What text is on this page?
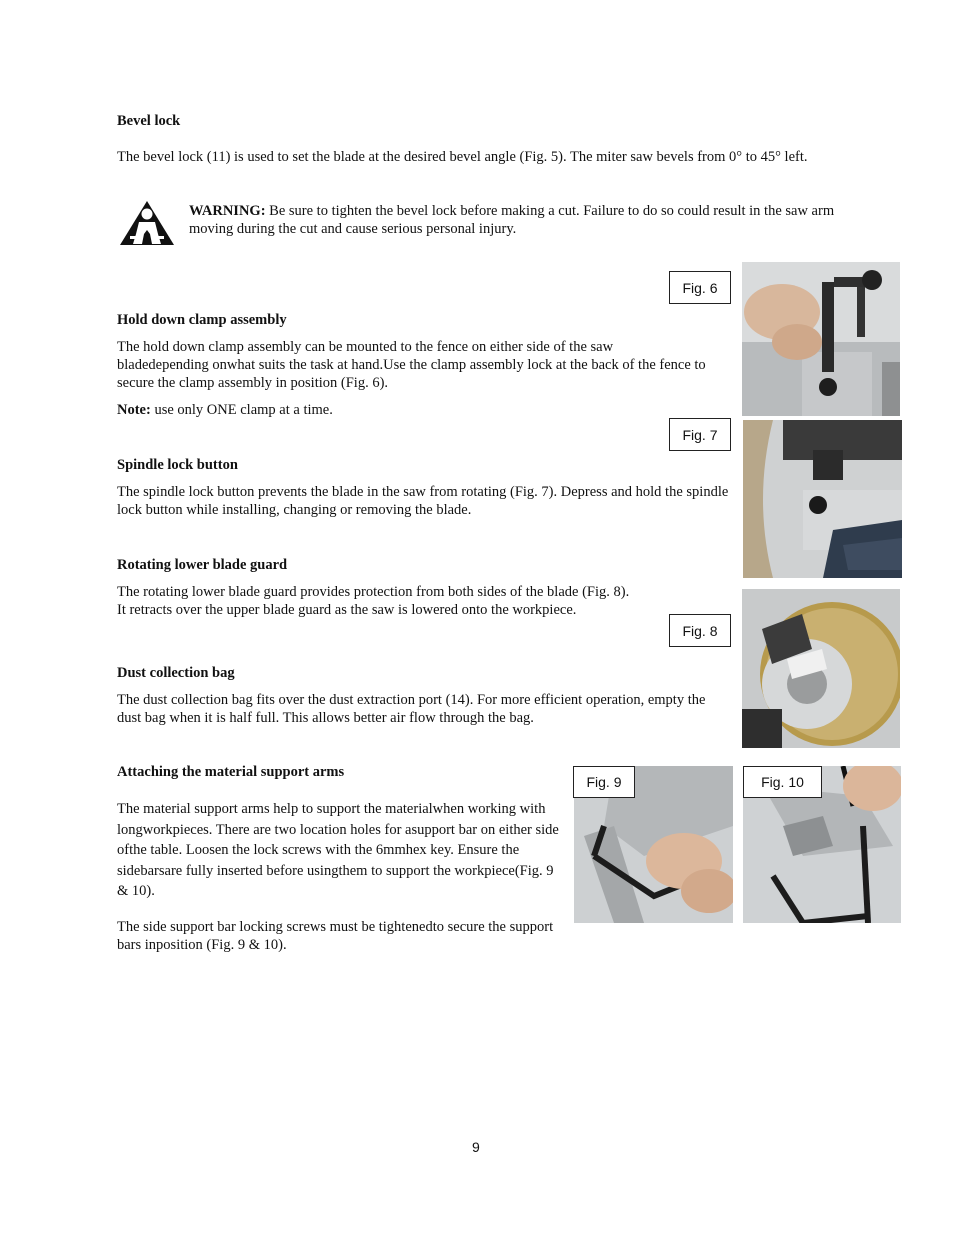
Bevel lock

The bevel lock (11) is used to set the blade at the desired bevel angle (Fig. 5). The miter saw bevels from 0° to 45° left.

WARNING: Be sure to tighten the bevel lock before making a cut. Failure to do so could result in the saw arm moving during the cut and cause serious personal injury.

Fig. 6
Hold down clamp assembly

The hold down clamp assembly can be mounted to the fence on either side of the saw bladedepending onwhat suits the task at hand.Use the clamp assembly lock at the back of the fence to secure the clamp assembly in position (Fig. 6).

Note: use only ONE clamp at a time.

Fig. 7
Spindle lock button

The spindle lock button prevents the blade in the saw from rotating (Fig. 7). Depress and hold the spindle lock button while installing, changing or removing the blade.

Rotating lower blade guard

The rotating lower blade guard provides protection from both sides of the blade (Fig. 8).

It retracts over the upper blade guard as the saw is lowered onto the workpiece.

Fig. 8
Dust collection bag

The dust collection bag fits over the dust extraction port (14). For more efficient operation, empty the dust bag when it is half full. This allows better air flow through the bag.

Attaching the material support arms

The material support arms help to support the materialwhen working with longworkpieces. There are two location holes for asupport bar on either side ofthe table. Loosen the lock screws with the 6mmhex key. Ensure the sidebarsare fully inserted before usingthem to support the workpiece(Fig. 9 & 10).

The side support bar locking screws must be tightenedto secure the support bars inposition (Fig. 9 & 10).

Fig. 9	Fig. 10
9
